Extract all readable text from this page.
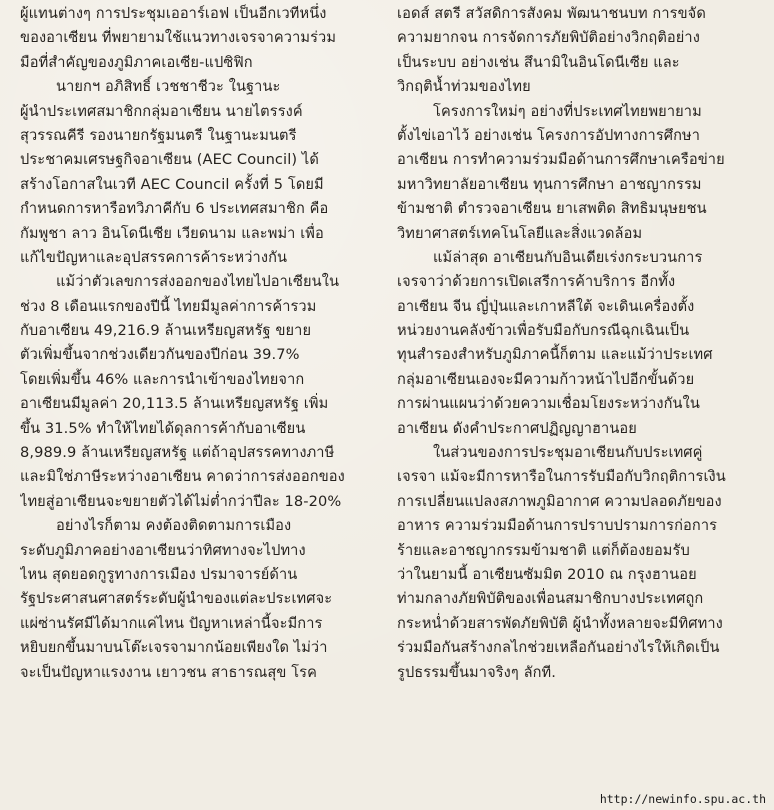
ผู้แทนต่างๆ การประชุมเออาร์เอฟ เป็นอีกเวทีหนึ่ง
ของอาเซียน ที่พยายามใช้แนวทางเจรจาความร่วม
มือที่สำคัญของภูมิภาคเอเซีย-แปซิฟิก
นายกฯ อภิสิทธิ์ เวชชาชีวะ ในฐานะ
ผู้นำประเทศสมาชิกกลุ่มอาเซียน นายไตรรงค์
สุวรรณคีรี รองนายกรัฐมนตรี ในฐานะมนตรี
ประชาคมเศรษฐกิจอาเซียน (AEC Council) ได้
สร้างโอกาสในเวที AEC Council ครั้งที่ 5 โดยมี
กำหนดการหารือทวิภาคีกับ 6 ประเทศสมาชิก คือ
กัมพูชา ลาว อินโดนีเซีย เวียดนาม และพม่า เพื่อ
แก้ไขปัญหาและอุปสรรคการค้าระหว่างกัน
แม้ว่าตัวเลขการส่งออกของไทยไปอาเซียนใน
ช่วง 8 เดือนแรกของปีนี้ ไทยมีมูลค่าการค้ารวม
กับอาเซียน 49,216.9 ล้านเหรียญสหรัฐ ขยาย
ตัวเพิ่มขึ้นจากช่วงเดียวกันของปีก่อน 39.7%
โดยเพิ่มขึ้น 46% และการนำเข้าของไทยจาก
อาเซียนมีมูลค่า 20,113.5 ล้านเหรียญสหรัฐ เพิ่ม
ขึ้น 31.5% ทำให้ไทยได้ดุลการค้ากับอาเซียน
8,989.9 ล้านเหรียญสหรัฐ แต่ถ้าอุปสรรคทางภาษี
และมิใช่ภาษีระหว่างอาเซียน คาดว่าการส่งออกของ
ไทยสู่อาเซียนจะขยายตัวได้ไม่ต่ำกว่าปีละ 18-20%
อย่างไรก็ตาม คงต้องติดตามการเมือง
ระดับภูมิภาคอย่างอาเซียนว่าทิศทางจะไปทาง
ไหน สุดยอดกูรูทางการเมือง ปรมาจารย์ด้าน
รัฐประศาสนศาสตร์ระดับผู้นำของแต่ละประเทศจะ
แผ่ซ่านรัศมีได้มากแค่ไหน ปัญหาเหล่านี้จะมีการ
หยิบยกขึ้นมาบนโต๊ะเจรจามากน้อยเพียงใด ไม่ว่า
จะเป็นปัญหาแรงงาน เยาวชน สาธารณสุข โรค
เอดส์ สตรี สวัสดิการสังคม พัฒนาชนบท การขจัด
ความยากจน การจัดการภัยพิบัติอย่างวิกฤติอย่าง
เป็นระบบ อย่างเช่น สึนามิในอินโดนีเซีย และ
วิกฤติน้ำท่วมของไทย
โครงการใหม่ๆ อย่างที่ประเทศไทยพยายาม
ตั้งไข่เอาไว้ อย่างเช่น โครงการอัปทางการศึกษา
อาเซียน การทำความร่วมมือด้านการศึกษาเครือข่าย
มหาวิทยาลัยอาเซียน ทุนการศึกษา อาชญากรรม
ข้ามชาติ ตำรวจอาเซียน ยาเสพติด สิทธิมนุษยชน
วิทยาศาสตร์เทคโนโลยีและสิ่งแวดล้อม
แม้ล่าสุด อาเซียนกับอินเดียเร่งกระบวนการ
เจรจาว่าด้วยการเปิดเสรีการค้าบริการ อีกทั้ง
อาเซียน จีน ญี่ปุ่นและเกาหลีใต้ จะเดินเครื่องตั้ง
หน่วยงานคลังข้าวเพื่อรับมือกับกรณีฉุกเฉินเป็น
ทุนสำรองสำหรับภูมิภาคนี้ก็ตาม และแม้ว่าประเทศ
กลุ่มอาเซียนเองจะมีความก้าวหน้าไปอีกขั้นด้วย
การผ่านแผนว่าด้วยความเชื่อมโยงระหว่างกันใน
อาเซียน ดังคำประกาศปฏิญญาฮานอย
ในส่วนของการประชุมอาเซียนกับประเทศคู่
เจรจา แม้จะมีการหารือในการรับมือกับวิกฤติการเงิน
การเปลี่ยนแปลงสภาพภูมิอากาศ ความปลอดภัยของ
อาหาร ความร่วมมือด้านการปราบปรามการก่อการ
ร้ายและอาชญากรรมข้ามชาติ แต่ก็ต้องยอมรับ
ว่าในยามนี้ อาเซียนซัมมิต 2010 ณ กรุงฮานอย
ท่ามกลางภัยพิบัติของเพื่อนสมาชิกบางประเทศถูก
กระหน่ำด้วยสารพัดภัยพิบัติ ผู้นำทั้งหลายจะมีทิศทาง
ร่วมมือกันสร้างกลไกช่วยเหลือกันอย่างไรให้เกิดเป็น
รูปธรรมขึ้นมาจริงๆ ลักที.
http://newinfo.spu.ac.th
